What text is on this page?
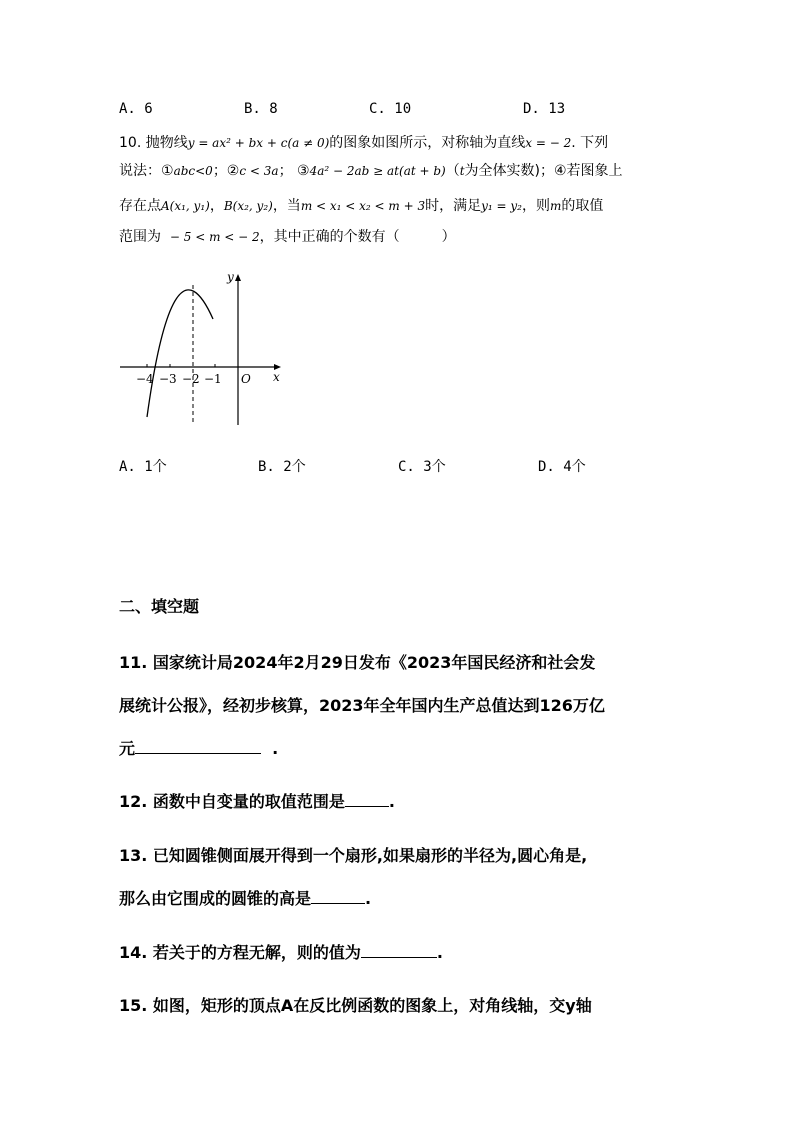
A. 6	B. 8	C. 10	D. 13
10. 抛物线y = ax² + bx + c(a ≠ 0)的图象如图所示，对称轴为直线x = − 2. 下列
说法：①abc<0；②c < 3a； ③4a² − 2ab ≥ at(at + b)（t为全体实数)；④若图象上
存在点A(x₁, y₁)，B(x₂, y₂)，当m < x₁ < x₂ < m + 3时，满足y₁ = y₂，则m的取值
范围为 − 5 < m < − 2，其中正确的个数有（　　　）
−4 −3 −2 −1 O x
y
A. 1个	B. 2个	C. 3个	D. 4个
二、填空题
11. 国家统计局2024年2月29日发布《2023年国民经济和社会发
展统计公报》，经初步核算，2023年全年国内生产总值达到126万亿
元	.
12. 函数中自变量的取值范围是	.
13. 已知圆锥侧面展开得到一个扇形,如果扇形的半径为,圆心角是,
那么由它围成的圆锥的高是	.
14. 若关于的方程无解，则的值为	.
15. 如图，矩形的顶点A在反比例函数的图象上，对角线轴，交y轴
